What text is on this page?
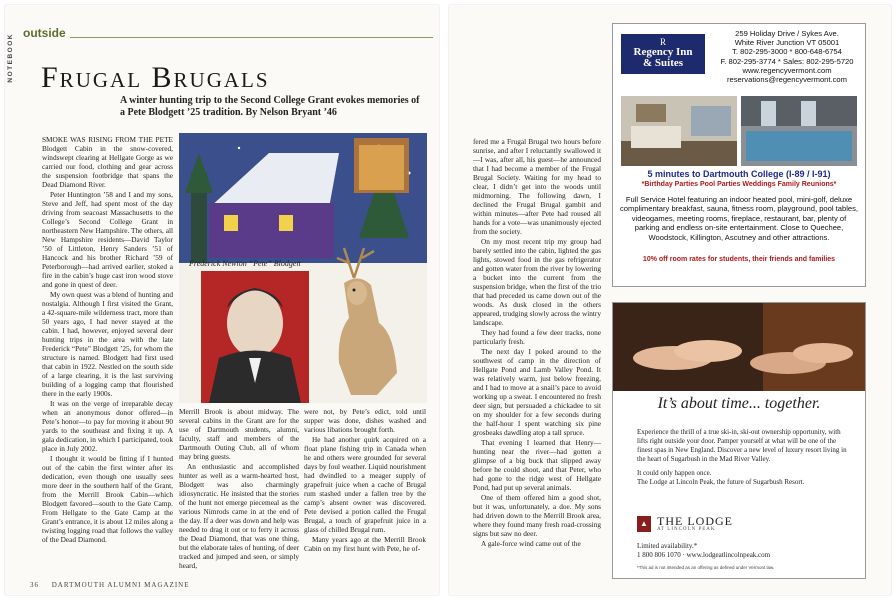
NOTEBOOK outside
Frugal Brugals
A winter hunting trip to the Second College Grant evokes memories of a Pete Blodgett ’25 tradition. By Nelson Bryant ’46

SMOKE WAS RISING FROM THE PETE Blodgett Cabin in the snow-covered, windswept clearing at Hellgate Gorge as we carried our food, clothing and gear across the suspension footbridge that spans the Dead Diamond River.

Peter Huntington ’58 and I and my sons, Steve and Jeff, had spent most of the day driving from seacoast Massachusetts to the College’s Second College Grant in northeastern New Hampshire. The others, all New Hampshire residents—David Taylor ’50 of Littleton, Henry Sanders ’51 of Hancock and his brother Richard ’59 of Peterborough—had arrived earlier, stoked a fire in the cabin’s huge cast iron wood stove and gone in quest of deer.

My own quest was a blend of hunting and nostalgia. Although I first visited the Grant, a 42-square-mile wilderness tract, more than 50 years ago, I had never stayed at the cabin. I had, however, enjoyed several deer hunting trips in the area with the late Frederick “Pete” Blodgett ’25, for whom the structure is named. Blodgett had first used that cabin in 1922. Nestled on the south side of a large clearing, it is the last surviving building of a logging camp that flourished there in the early 1900s.

It was on the verge of irreparable decay when an anonymous donor offered—in Pete’s honor—to pay for moving it about 90 yards to the southeast and fixing it up. A gala dedication, in which I participated, took place in July 2002.

I thought it would be fitting if I hunted out of the cabin the first winter after its dedication, even though one usually sees more deer in the southern half of the Grant, from the Merrill Brook Cabin—which Blodgett favored—south to the Gate Camp. From Hellgate to the Gate Camp at the Grant’s entrance, it is about 12 miles along a twisting logging road that follows the valley of the Dead Diamond.

Frederick Newton “Pete” Blodgett

Merrill Brook is about midway. The several cabins in the Grant are for the use of Dartmouth students, alumni, faculty, staff and members of the Dartmouth Outing Club, all of whom may bring guests.

An enthusiastic and accomplished hunter as well as a warm-hearted host, Blodgett was also charmingly idiosyncratic. He insisted that the stories of the hunt not emerge piecemeal as the various Nimrods came in at the end of the day. If a deer was down and help was needed to drag it out or to ferry it across the Dead Diamond, that was one thing, but the elaborate tales of hunting, of deer tracked and jumped and seen, or simply heard,

were not, by Pete’s edict, told until supper was done, dishes washed and various libations brought forth.

He had another quirk acquired on a float plane fishing trip in Canada when he and others were grounded for several days by foul weather. Liquid nourishment had dwindled to a meager supply of grapefruit juice when a cache of Brugal rum stashed under a fallen tree by the camp’s absent owner was discovered. Pete devised a potion called the Frugal Brugal, a touch of grapefruit juice in a glass of chilled Brugal rum.

Many years ago at the Merrill Brook Cabin on my first hunt with Pete, he of-

36 DARTMOUTH ALUMNI MAGAZINE

fered me a Frugal Brugal two hours before sunrise, and after I reluctantly swallowed it—I was, after all, his guest—he announced that I had become a member of the Frugal Brugal Society. Waiting for my head to clear, I didn’t get into the woods until midmorning. The following dawn, I declined the Frugal Brugal gambit and within minutes—after Pete had roused all hands for a vote—was unanimously ejected from the society.

On my most recent trip my group had barely settled into the cabin, lighted the gas lights, stowed food in the gas refrigerator and gotten water from the river by lowering a bucket into the current from the suspension bridge, when the first of the trio that had preceded us came down out of the woods. As dusk closed in the others appeared, trudging slowly across the wintry landscape.

They had found a few deer tracks, none particularly fresh.

The next day I poked around to the southwest of camp in the direction of Hellgate Pond and Lamb Valley Pond. It was relatively warm, just below freezing, and I had to move at a snail’s pace to avoid working up a sweat. I encountered no fresh deer sign, but persuaded a chickadee to sit on my shoulder for a few seconds during the half-hour I spent watching six pine grosbeaks dawdling atop a tall spruce.

That evening I learned that Henry—hunting near the river—had gotten a glimpse of a big buck that slipped away before he could shoot, and that Peter, who had gone to the ridge west of Hellgate Pond, had put up several animals.

One of them offered him a good shot, but it was, unfortunately, a doe. My sons had driven down to the Merrill Brook area, where they found many fresh road-crossing signs but saw no deer.

A gale-force wind came out of the

R
Regency Inn
& Suites
259 Holiday Drive / Sykes Ave.
White River Junction VT 05001
T. 802-295-3000 * 800-648-6754
F. 802-295-3774 * Sales: 802-295-5720
www.regencyvermont.com
reservations@regencyvermont.com
5 minutes to Dartmouth College (I-89 / I-91)
*Birthday Parties Pool Parties Weddings Family Reunions*
Full Service Hotel featuring an indoor heated pool, mini-golf, deluxe complimentary breakfast, sauna, fitness room, playground, pool tables, videogames, meeting rooms, fireplace, restaurant, bar, plenty of parking and endless on-site entertainment. Close to Quechee, Woodstock, Killington, Ascutney and other attractions.
10% off room rates for students, their friends and families
It’s about time... together.

Experience the thrill of a true ski-in, ski-out ownership opportunity, with lifts right outside your door. Pamper yourself at what will be one of the finest spas in New England. Discover a new level of luxury resort living in the heart of Sugarbush in the Mad River Valley.

It could only happen once.

The Lodge at Lincoln Peak, the future of Sugarbush Resort.

▲ THE LODGE
AT LINCOLN PEAK
Limited availability.*
1 800 806 1070 · www.lodgeatlincolnpeak.com
*This ad is not intended as an offering as defined under Vermont law.
